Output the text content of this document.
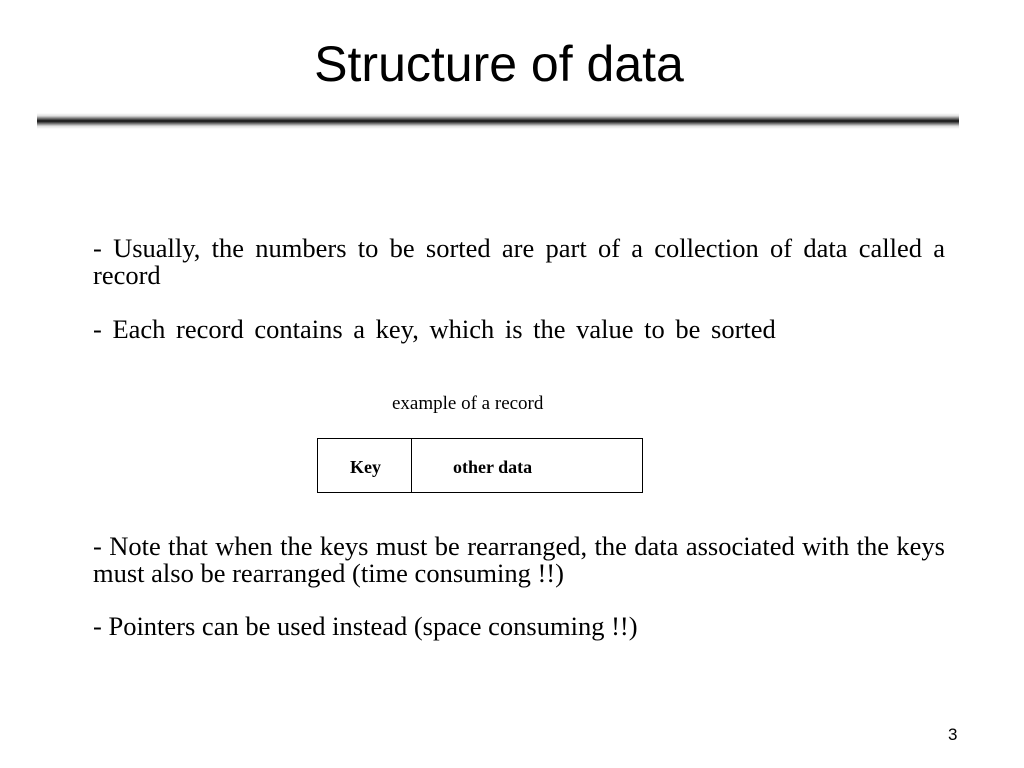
Structure of data

- Usually, the numbers to be sorted are part of a collection of data called a record

- Each record contains a key, which is the value to be sorted

example of a record
Key	other data

- Note that when the keys must be rearranged, the data associated with the keys must also be rearranged (time consuming !!)

- Pointers can be used instead (space consuming !!)

3
